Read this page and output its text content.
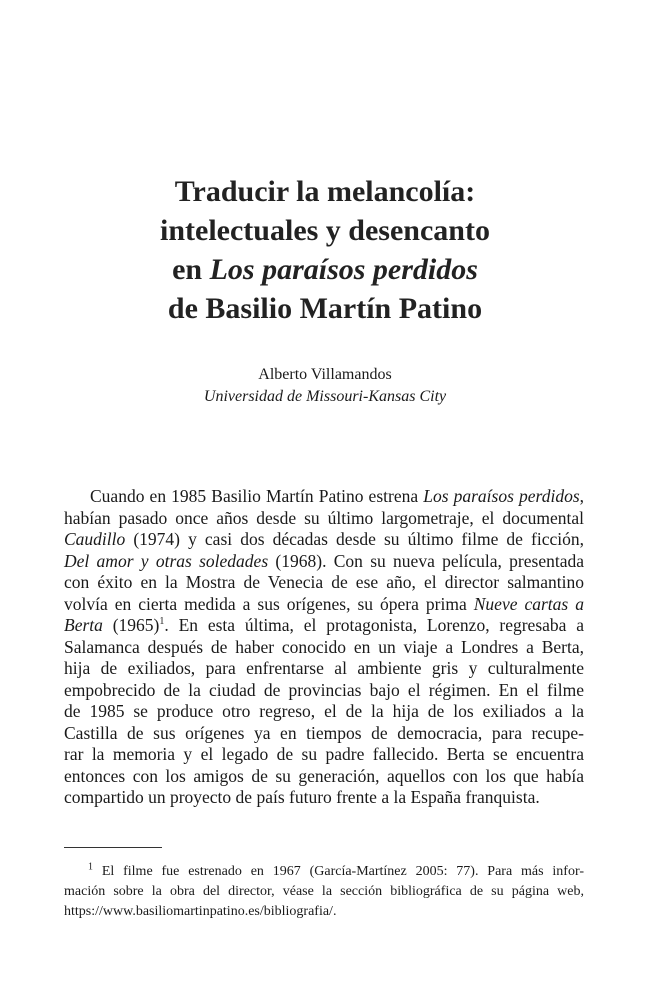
Traducir la melancolía:
intelectuales y desencanto
en Los paraísos perdidos
de Basilio Martín Patino
Alberto Villamandos
Universidad de Missouri-Kansas City
Cuando en 1985 Basilio Martín Patino estrena Los paraísos perdidos,
habían pasado once años desde su último largometraje, el documental
Caudillo (1974) y casi dos décadas desde su último filme de ficción,
Del amor y otras soledades (1968). Con su nueva película, presentada
con éxito en la Mostra de Venecia de ese año, el director salmantino
volvía en cierta medida a sus orígenes, su ópera prima Nueve cartas a
Berta $(1965)^1$. En esta última, el protagonista, Lorenzo, regresaba a
Salamanca después de haber conocido en un viaje a Londres a Berta,
hija de exiliados, para enfrentarse al ambiente gris y culturalmente
empobrecido de la ciudad de provincias bajo el régimen. En el filme
de 1985 se produce otro regreso, el de la hija de los exiliados a la
Castilla de sus orígenes ya en tiempos de democracia, para recupe-
rar la memoria y el legado de su padre fallecido. Berta se encuentra
entonces con los amigos de su generación, aquellos con los que había
compartido un proyecto de país futuro frente a la España franquista.
$^1$ El filme fue estrenado en 1967 (García-Martínez 2005: 77). Para más infor-
mación sobre la obra del director, véase la sección bibliográfica de su página web,
https://www.basiliomartinpatino.es/bibliografia/.
